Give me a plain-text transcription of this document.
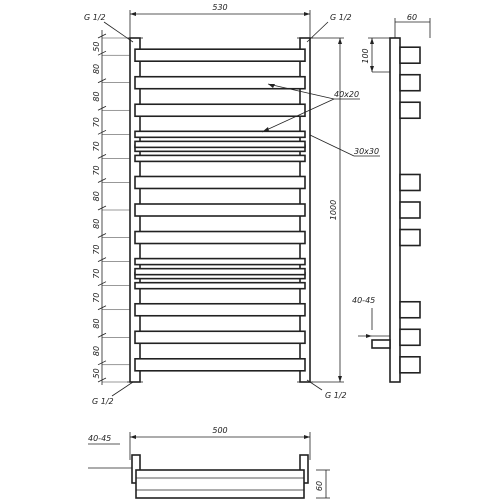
530
50
80
80
70
70
70
80
80
70
70
70
80
80
50
G 1/2	G 1/2
G 1/2
G 1/2
40x20
30x30
1000
60
100
40-45
500
40-45
60
